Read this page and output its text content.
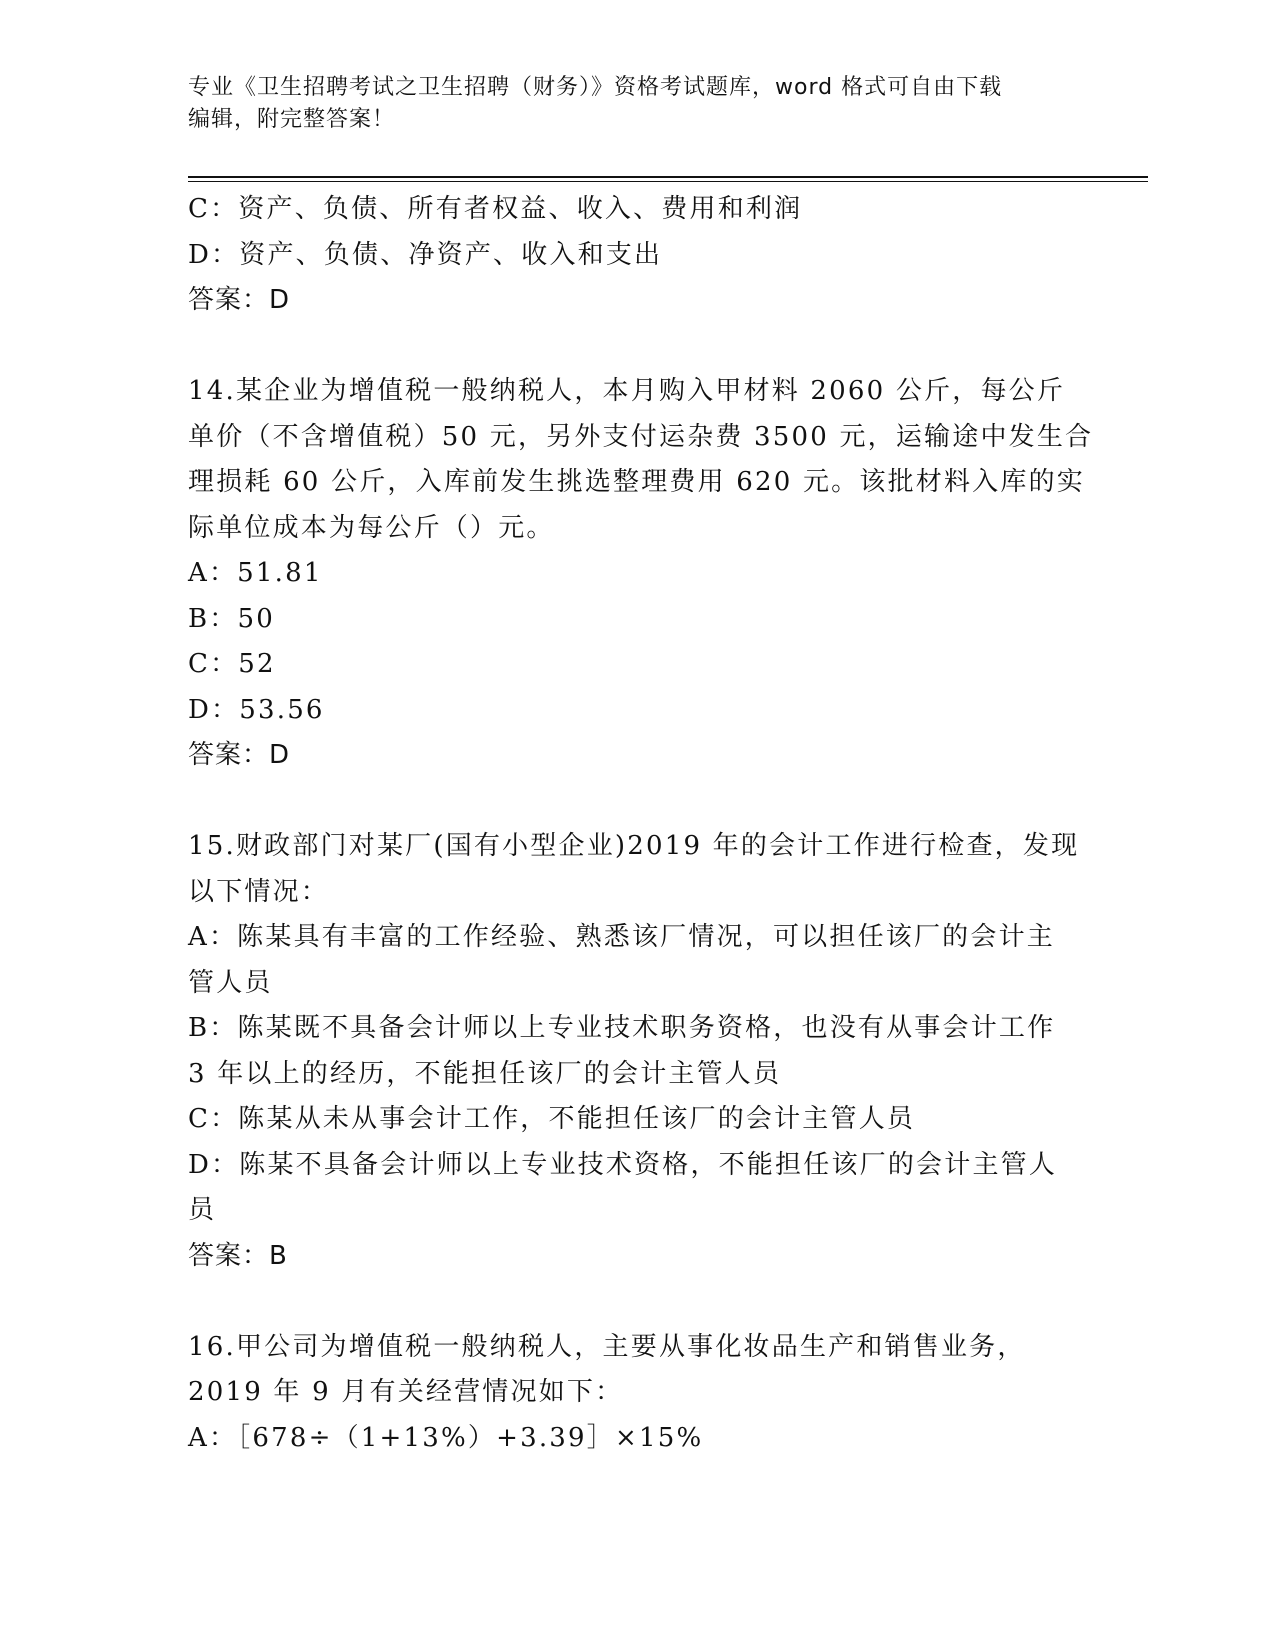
专业《卫生招聘考试之卫生招聘（财务）》资格考试题库，word 格式可自由下载
编辑，附完整答案！
C：资产、负债、所有者权益、收入、费用和利润
D：资产、负债、净资产、收入和支出
答案：D
14.某企业为增值税一般纳税人，本月购入甲材料 2060 公斤，每公斤
单价（不含增值税）50 元，另外支付运杂费 3500 元，运输途中发生合
理损耗 60 公斤，入库前发生挑选整理费用 620 元。该批材料入库的实
际单位成本为每公斤（）元。
A：51.81
B：50
C：52
D：53.56
答案：D
15.财政部门对某厂(国有小型企业)2019 年的会计工作进行检查，发现
以下情况：
A：陈某具有丰富的工作经验、熟悉该厂情况，可以担任该厂的会计主
管人员
B：陈某既不具备会计师以上专业技术职务资格，也没有从事会计工作
3 年以上的经历，不能担任该厂的会计主管人员
C：陈某从未从事会计工作，不能担任该厂的会计主管人员
D：陈某不具备会计师以上专业技术资格，不能担任该厂的会计主管人
员
答案：B
16.甲公司为增值税一般纳税人，主要从事化妆品生产和销售业务，
2019 年 9 月有关经营情况如下：
A：［678÷（1+13%）+3.39］×15%
